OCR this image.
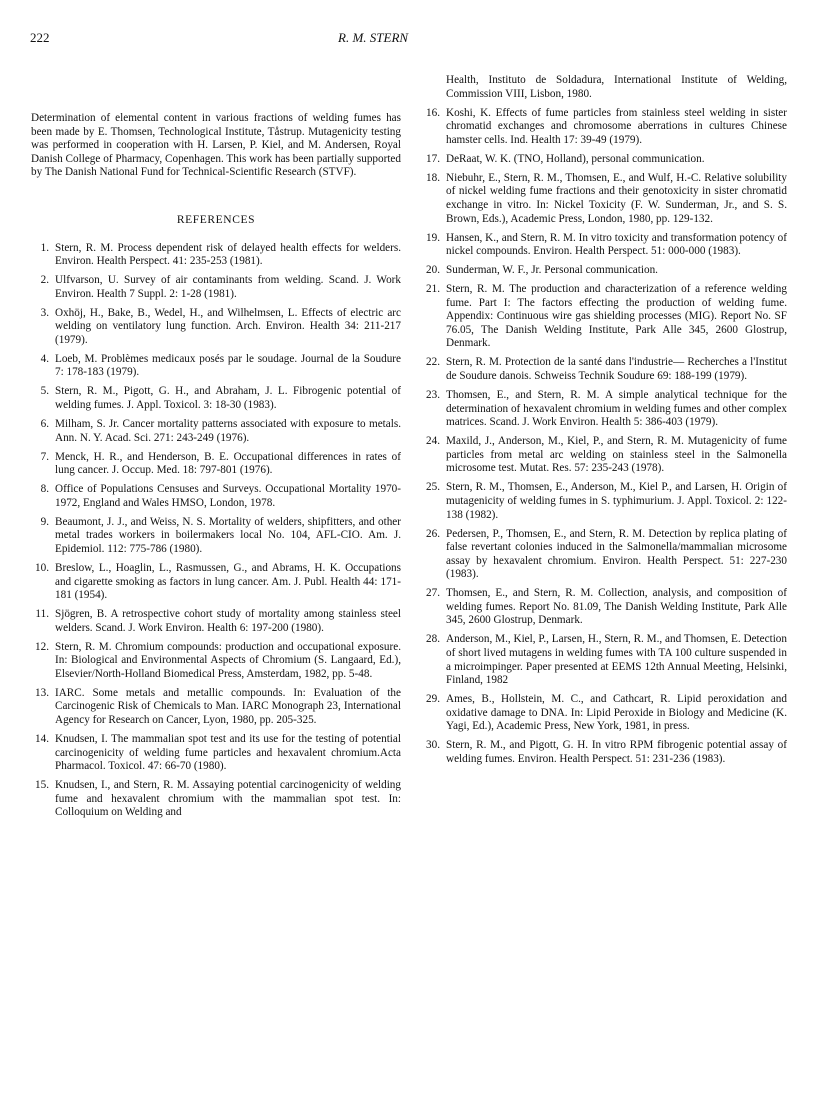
222	R. M. STERN

Determination of elemental content in various fractions of welding fumes has been made by E. Thomsen, Technological Institute, Tåstrup. Mutagenicity testing was performed in cooperation with H. Larsen, P. Kiel, and M. Andersen, Royal Danish College of Pharmacy, Copenhagen. This work has been partially supported by The Danish National Fund for Technical-Scientific Research (STVF).

REFERENCES
1. Stern, R. M. Process dependent risk of delayed health effects for welders. Environ. Health Perspect. 41: 235-253 (1981).
2. Ulfvarson, U. Survey of air contaminants from welding. Scand. J. Work Environ. Health 7 Suppl. 2: 1-28 (1981).
3. Oxhöj, H., Bake, B., Wedel, H., and Wilhelmsen, L. Effects of electric arc welding on ventilatory lung function. Arch. Environ. Health 34: 211-217 (1979).
4. Loeb, M. Problèmes medicaux posés par le soudage. Journal de la Soudure 7: 178-183 (1979).
5. Stern, R. M., Pigott, G. H., and Abraham, J. L. Fibrogenic potential of welding fumes. J. Appl. Toxicol. 3: 18-30 (1983).
6. Milham, S. Jr. Cancer mortality patterns associated with exposure to metals. Ann. N. Y. Acad. Sci. 271: 243-249 (1976).
7. Menck, H. R., and Henderson, B. E. Occupational differences in rates of lung cancer. J. Occup. Med. 18: 797-801 (1976).
8. Office of Populations Censuses and Surveys. Occupational Mortality 1970-1972, England and Wales HMSO, London, 1978.
9. Beaumont, J. J., and Weiss, N. S. Mortality of welders, shipfitters, and other metal trades workers in boilermakers local No. 104, AFL-CIO. Am. J. Epidemiol. 112: 775-786 (1980).
10. Breslow, L., Hoaglin, L., Rasmussen, G., and Abrams, H. K. Occupations and cigarette smoking as factors in lung cancer. Am. J. Publ. Health 44: 171-181 (1954).
11. Sjögren, B. A retrospective cohort study of mortality among stainless steel welders. Scand. J. Work Environ. Health 6: 197-200 (1980).
12. Stern, R. M. Chromium compounds: production and occupational exposure. In: Biological and Environmental Aspects of Chromium (S. Langaard, Ed.), Elsevier/North-Holland Biomedical Press, Amsterdam, 1982, pp. 5-48.
13. IARC. Some metals and metallic compounds. In: Evaluation of the Carcinogenic Risk of Chemicals to Man. IARC Monograph 23, International Agency for Research on Cancer, Lyon, 1980, pp. 205-325.
14. Knudsen, I. The mammalian spot test and its use for the testing of potential carcinogenicity of welding fume particles and hexavalent chromium.Acta Pharmacol. Toxicol. 47: 66-70 (1980).
15. Knudsen, I., and Stern, R. M. Assaying potential carcinogenicity of welding fume and hexavalent chromium with the mammalian spot test. In: Colloquium on Welding and

Health, Instituto de Soldadura, International Institute of Welding, Commission VIII, Lisbon, 1980.

16. Koshi, K. Effects of fume particles from stainless steel welding in sister chromatid exchanges and chromosome aberrations in cultures Chinese hamster cells. Ind. Health 17: 39-49 (1979).
17. DeRaat, W. K. (TNO, Holland), personal communication.
18. Niebuhr, E., Stern, R. M., Thomsen, E., and Wulf, H.-C. Relative solubility of nickel welding fume fractions and their genotoxicity in sister chromatid exchange in vitro. In: Nickel Toxicity (F. W. Sunderman, Jr., and S. S. Brown, Eds.), Academic Press, London, 1980, pp. 129-132.
19. Hansen, K., and Stern, R. M. In vitro toxicity and transformation potency of nickel compounds. Environ. Health Perspect. 51: 000-000 (1983).
20. Sunderman, W. F., Jr. Personal communication.
21. Stern, R. M. The production and characterization of a reference welding fume. Part I: The factors effecting the production of welding fume. Appendix: Continuous wire gas shielding processes (MIG). Report No. SF 76.05, The Danish Welding Institute, Park Alle 345, 2600 Glostrup, Denmark.
22. Stern, R. M. Protection de la santé dans l'industrie— Recherches a l'Institut de Soudure danois. Schweiss Technik Soudure 69: 188-199 (1979).
23. Thomsen, E., and Stern, R. M. A simple analytical technique for the determination of hexavalent chromium in welding fumes and other complex matrices. Scand. J. Work Environ. Health 5: 386-403 (1979).
24. Maxild, J., Anderson, M., Kiel, P., and Stern, R. M. Mutagenicity of fume particles from metal arc welding on stainless steel in the Salmonella microsome test. Mutat. Res. 57: 235-243 (1978).
25. Stern, R. M., Thomsen, E., Anderson, M., Kiel P., and Larsen, H. Origin of mutagenicity of welding fumes in S. typhimurium. J. Appl. Toxicol. 2: 122-138 (1982).
26. Pedersen, P., Thomsen, E., and Stern, R. M. Detection by replica plating of false revertant colonies induced in the Salmonella/mammalian microsome assay by hexavalent chromium. Environ. Health Perspect. 51: 227-230 (1983).
27. Thomsen, E., and Stern, R. M. Collection, analysis, and composition of welding fumes. Report No. 81.09, The Danish Welding Institute, Park Alle 345, 2600 Glostrup, Denmark.
28. Anderson, M., Kiel, P., Larsen, H., Stern, R. M., and Thomsen, E. Detection of short lived mutagens in welding fumes with TA 100 culture suspended in a microimpinger. Paper presented at EEMS 12th Annual Meeting, Helsinki, Finland, 1982
29. Ames, B., Hollstein, M. C., and Cathcart, R. Lipid peroxidation and oxidative damage to DNA. In: Lipid Peroxide in Biology and Medicine (K. Yagi, Ed.), Academic Press, New York, 1981, in press.
30. Stern, R. M., and Pigott, G. H. In vitro RPM fibrogenic potential assay of welding fumes. Environ. Health Perspect. 51: 231-236 (1983).
